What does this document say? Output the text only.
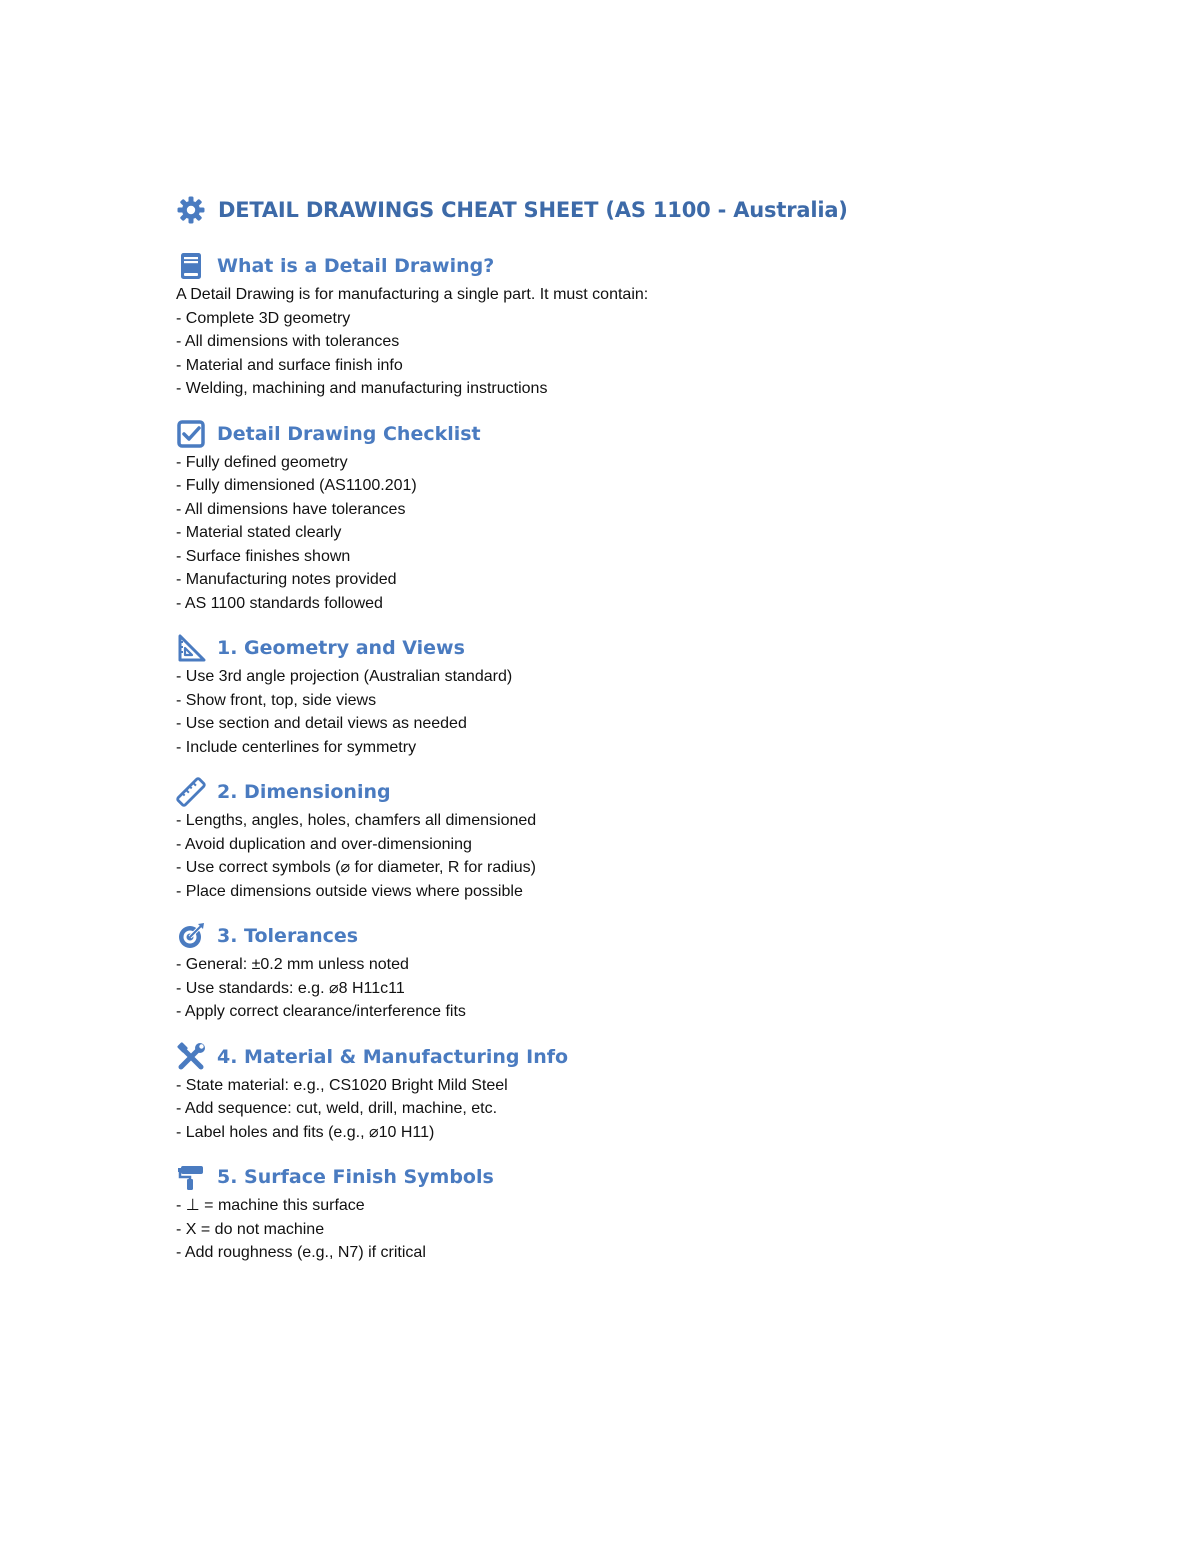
DETAIL DRAWINGS CHEAT SHEET (AS 1100 - Australia)
What is a Detail Drawing?
A Detail Drawing is for manufacturing a single part. It must contain:
- Complete 3D geometry
- All dimensions with tolerances
- Material and surface finish info
- Welding, machining and manufacturing instructions
Detail Drawing Checklist
- Fully defined geometry
- Fully dimensioned (AS1100.201)
- All dimensions have tolerances
- Material stated clearly
- Surface finishes shown
- Manufacturing notes provided
- AS 1100 standards followed
1. Geometry and Views
- Use 3rd angle projection (Australian standard)
- Show front, top, side views
- Use section and detail views as needed
- Include centerlines for symmetry
2. Dimensioning
- Lengths, angles, holes, chamfers all dimensioned
- Avoid duplication and over-dimensioning
- Use correct symbols (⌀ for diameter, R for radius)
- Place dimensions outside views where possible
3. Tolerances
- General: ±0.2 mm unless noted
- Use standards: e.g. ⌀8 H11c11
- Apply correct clearance/interference fits
4. Material & Manufacturing Info
- State material: e.g., CS1020 Bright Mild Steel
- Add sequence: cut, weld, drill, machine, etc.
- Label holes and fits (e.g., ⌀10 H11)
5. Surface Finish Symbols
- ⊥ = machine this surface
- X = do not machine
- Add roughness (e.g., N7) if critical
